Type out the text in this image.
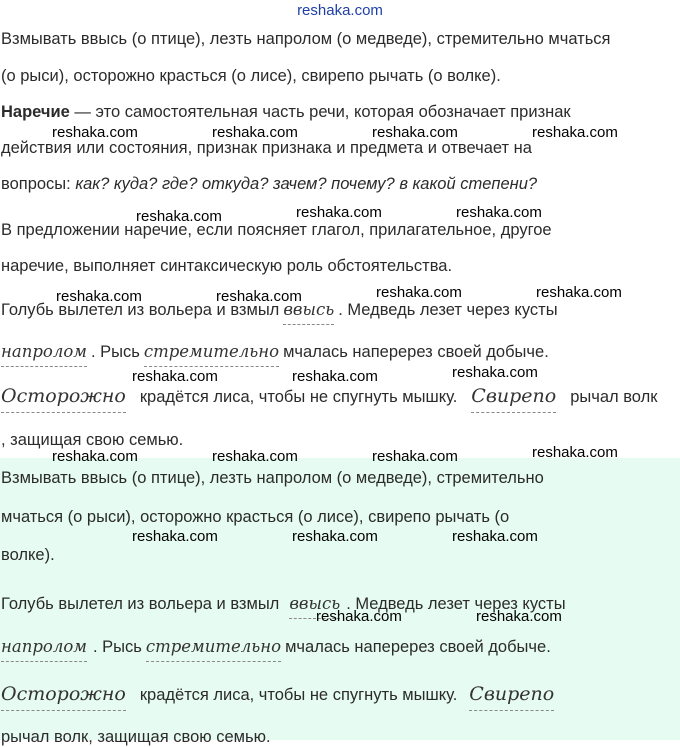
reshaka.com
Взмывать ввысь (о птице), лезть напролом (о медведе), стремительно мчаться
(о рыси), осторожно красться (о лисе), свирепо рычать (о волке).
Наречие — это самостоятельная часть речи, которая обозначает признак
действия или состояния, признак признака и предмета и отвечает на
вопросы: как? куда? где? откуда? зачем? почему? в какой степени?
В предложении наречие, если поясняет глагол, прилагательное, другое
наречие, выполняет синтаксическую роль обстоятельства.
Голубь вылетел из вольера и взмыл ввысь . Медведь лезет через кусты
напролом . Рысь стремительно мчалась наперерез своей добыче.
Осторожно крадётся лиса, чтобы не спугнуть мышку. Свирепо рычал волк
, защищая свою семью.
Взмывать ввысь (о птице), лезть напролом (о медведе), стремительно
мчаться (о рыси), осторожно красться (о лисе), свирепо рычать (о
волке).
Голубь вылетел из вольера и взмыл ввысь . Медведь лезет через кусты
напролом . Рысь стремительно мчалась наперерез своей добыче.
Осторожно крадётся лиса, чтобы не спугнуть мышку. Свирепо
рычал волк, защищая свою семью.
reshaka.com	reshaka.com	reshaka.com	reshaka.com
reshaka.com	reshaka.com	reshaka.com
reshaka.com	reshaka.com	reshaka.com	reshaka.com
reshaka.com	reshaka.com	reshaka.com
reshaka.com	reshaka.com	reshaka.com	reshaka.com
reshaka.com	reshaka.com	reshaka.com
reshaka.com	reshaka.com
